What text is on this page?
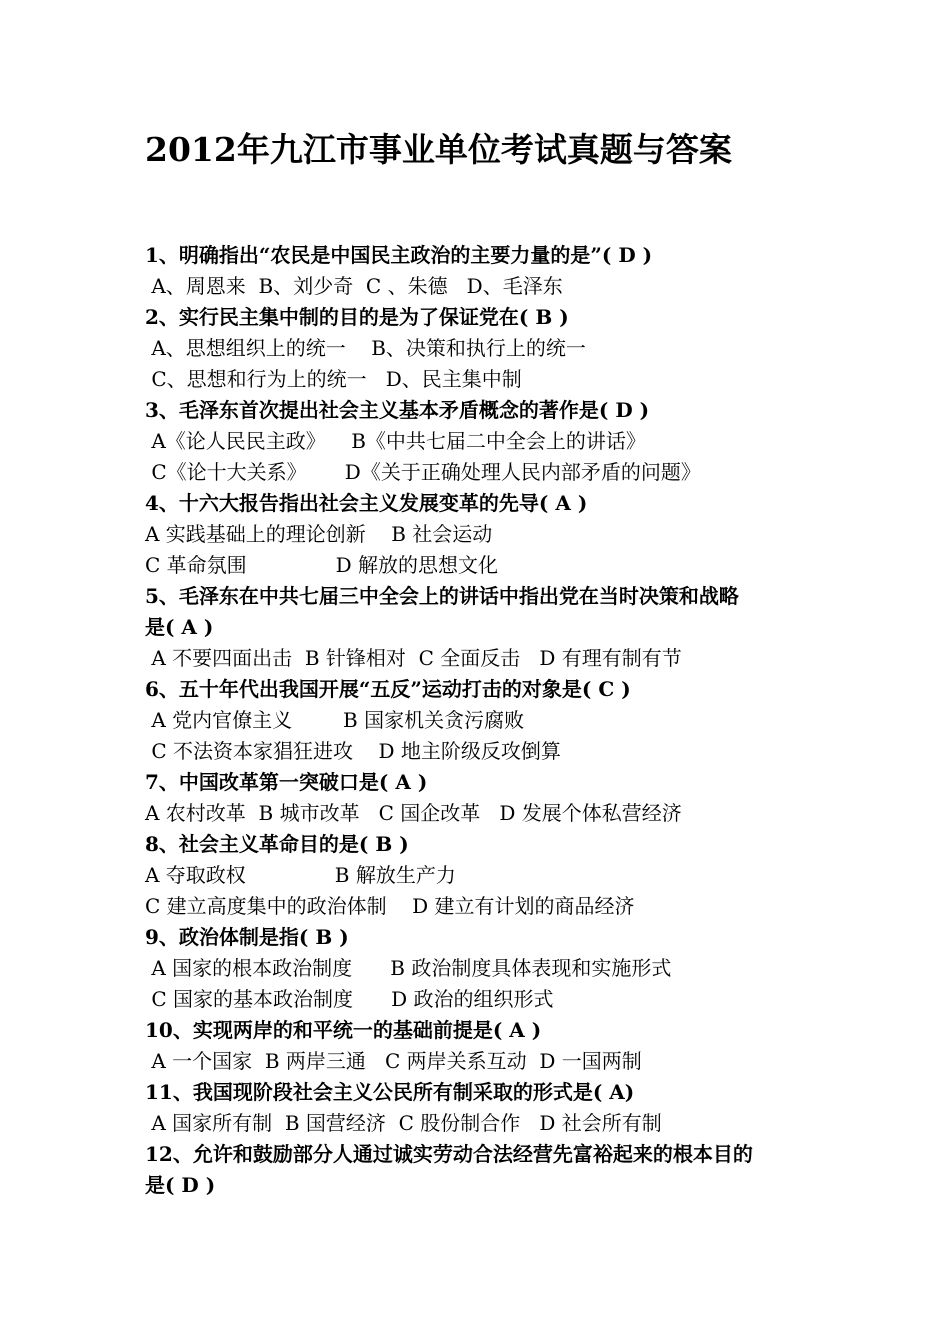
2012年九江市事业单位考试真题与答案
1、明确指出“农民是中国民主政治的主要力量的是”( D )
A、周恩来  B、刘少奇  C 、朱德   D、毛泽东
2、实行民主集中制的目的是为了保证党在( B )
A、思想组织上的统一    B、决策和执行上的统一
C、思想和行为上的统一   D、民主集中制
3、毛泽东首次提出社会主义基本矛盾概念的著作是( D )
A《论人民民主政》    B《中共七届二中全会上的讲话》
C《论十大关系》      D《关于正确处理人民内部矛盾的问题》
4、十六大报告指出社会主义发展变革的先导( A )
A 实践基础上的理论创新    B 社会运动
C 革命氛围              D 解放的思想文化
5、毛泽东在中共七届三中全会上的讲话中指出党在当时决策和战略
是( A )
A 不要四面出击  B 针锋相对  C 全面反击   D 有理有制有节
6、五十年代出我国开展“五反”运动打击的对象是( C )
A 党内官僚主义        B 国家机关贪污腐败
C 不法资本家猖狂进攻    D 地主阶级反攻倒算
7、中国改革第一突破口是( A )
A 农村改革  B 城市改革   C 国企改革   D 发展个体私营经济
8、社会主义革命目的是( B )
A 夺取政权              B 解放生产力
C 建立高度集中的政治体制    D 建立有计划的商品经济
9、政治体制是指( B )
A 国家的根本政治制度      B 政治制度具体表现和实施形式
C 国家的基本政治制度      D 政治的组织形式
10、实现两岸的和平统一的基础前提是( A )
A 一个国家  B 两岸三通   C 两岸关系互动  D 一国两制
11、我国现阶段社会主义公民所有制采取的形式是( A)
A 国家所有制  B 国营经济  C 股份制合作   D 社会所有制
12、允许和鼓励部分人通过诚实劳动合法经营先富裕起来的根本目的
是( D )
